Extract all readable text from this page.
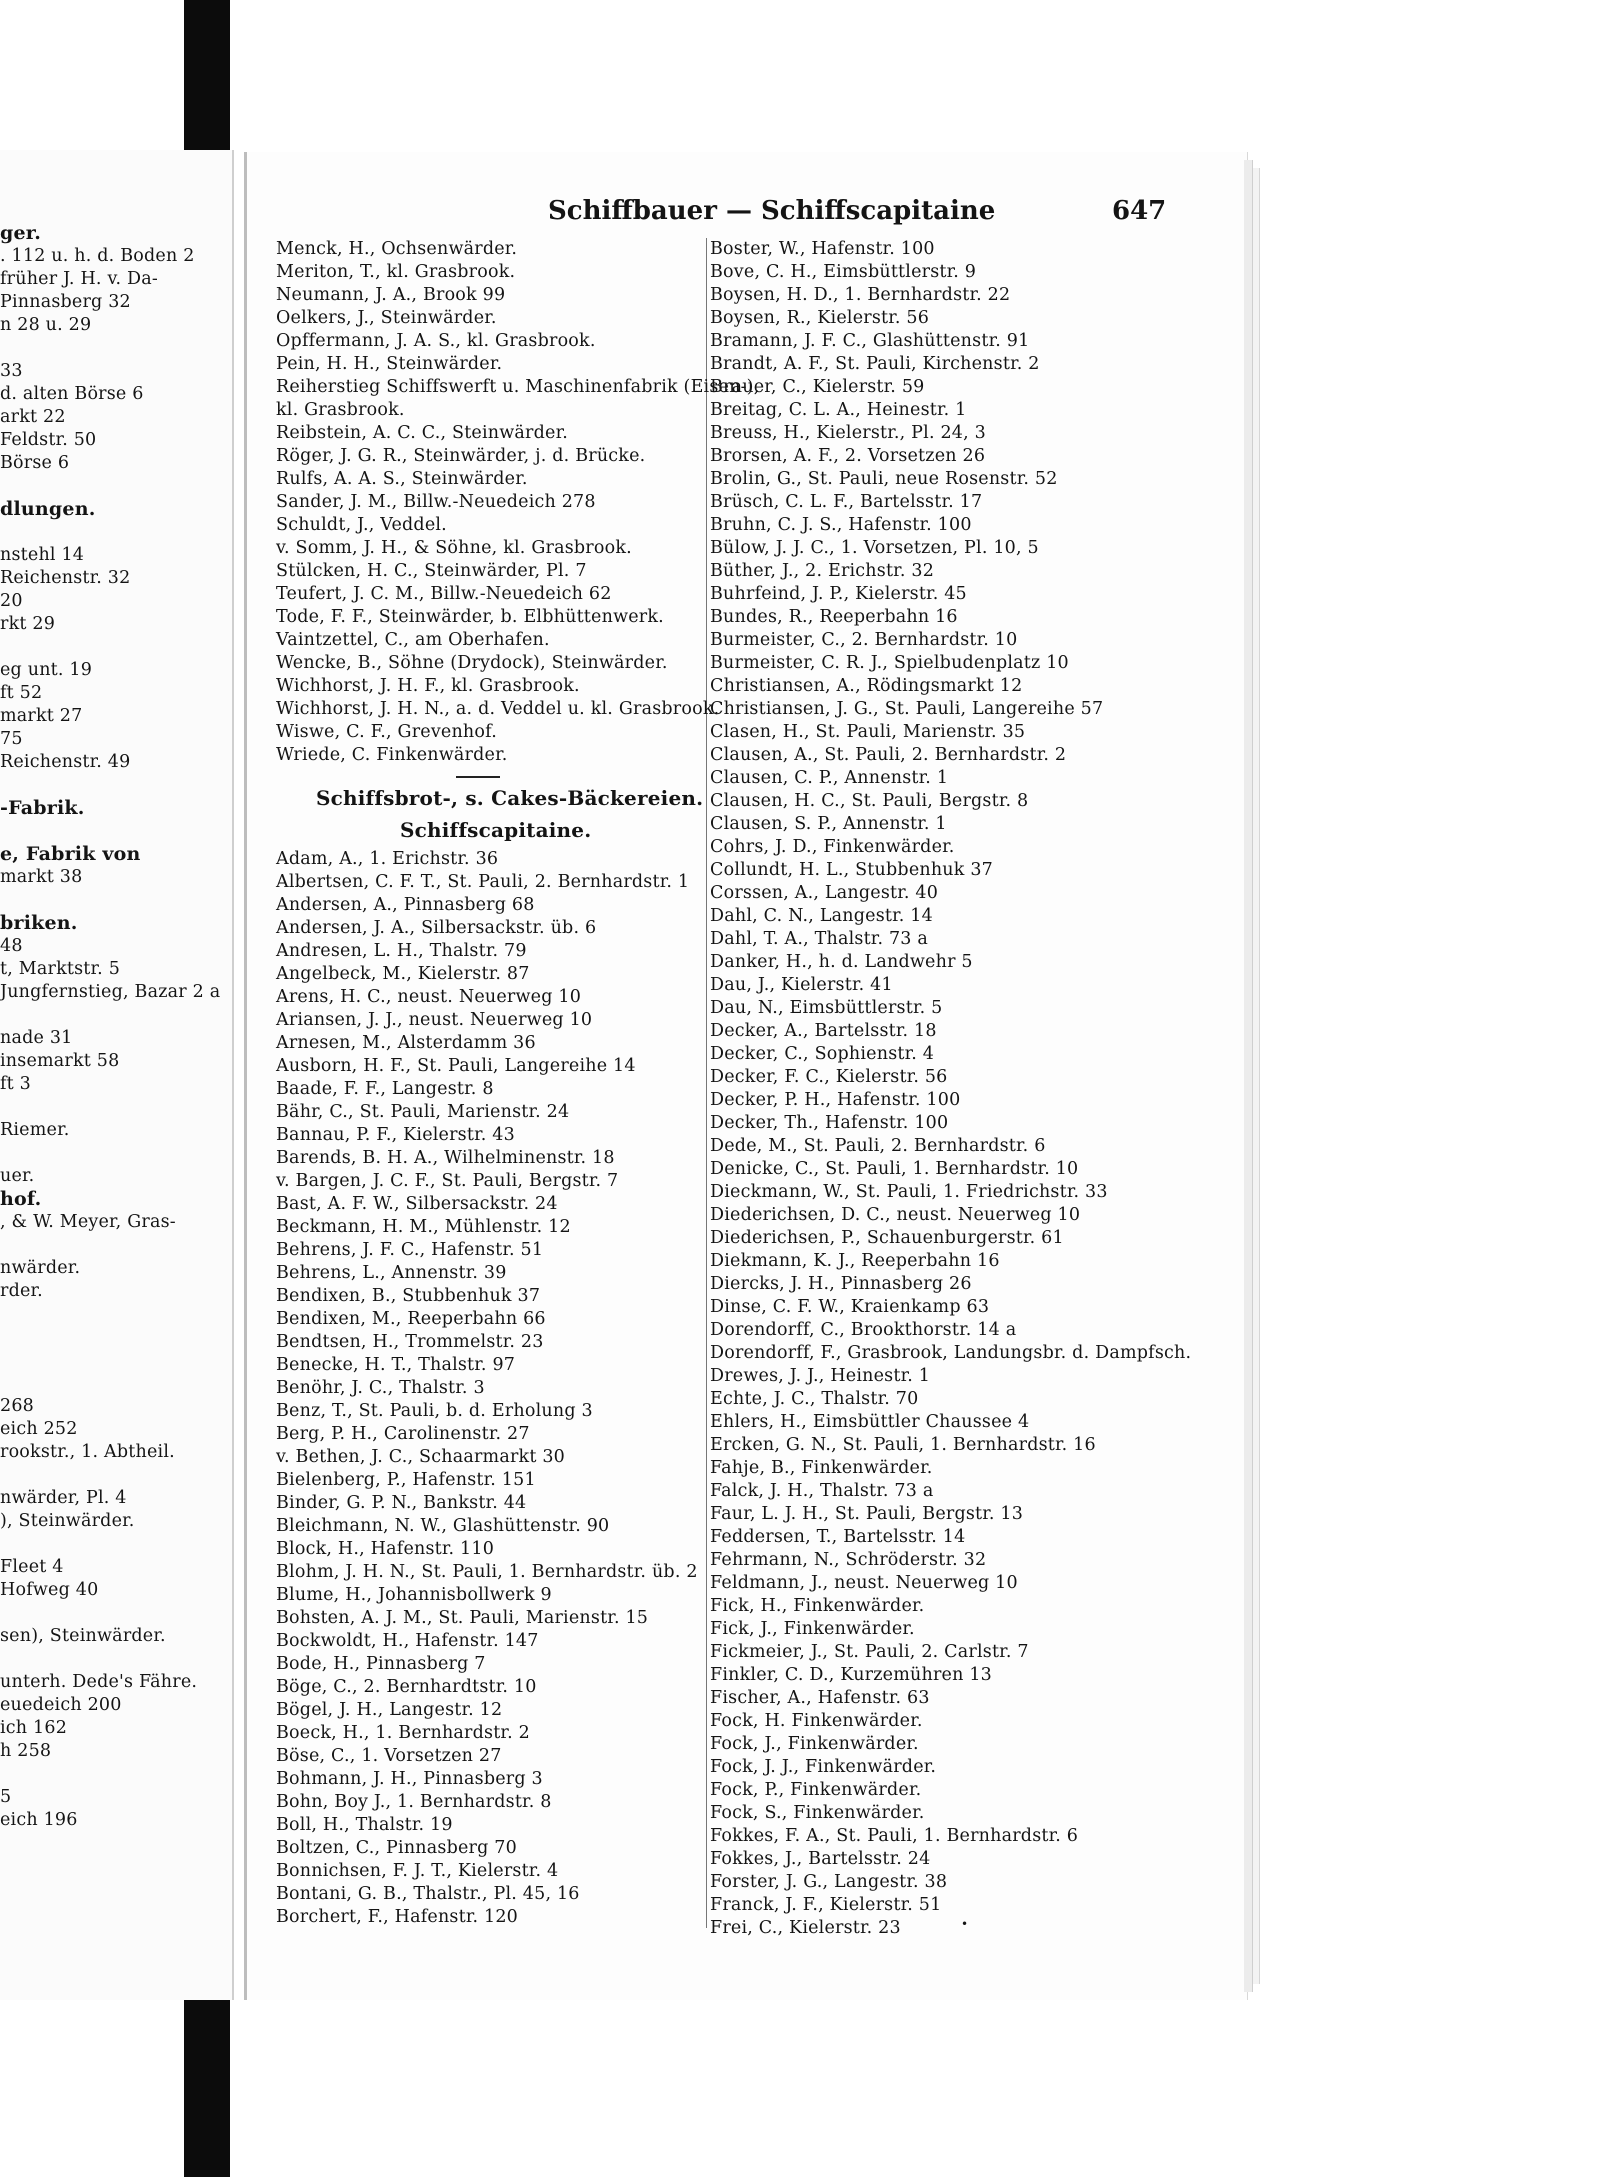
ger.
. 112 u. h. d. Boden 2
früher J. H. v. Da-
Pinnasberg 32
n 28 u. 29
33
d. alten Börse 6
arkt 22
Feldstr. 50
Börse 6
dlungen.
nstehl 14
Reichenstr. 32
20
rkt 29
eg unt. 19
ft 52
markt 27
75
Reichenstr. 49
-Fabrik.
e, Fabrik von
markt 38
briken.
48
t, Marktstr. 5
Jungfernstieg, Bazar 2 a
nade 31
insemarkt 58
ft 3
Riemer.
uer.
hof.
, & W. Meyer, Gras-
nwärder.
rder.
268
eich 252
rookstr., 1. Abtheil.
nwärder, Pl. 4
), Steinwärder.
Fleet 4
Hofweg 40
sen), Steinwärder.
unterh. Dede's Fähre.
euedeich 200
ich 162
h 258
5
eich 196
Schiffbauer — Schiffscapitaine	647
Menck, H., Ochsenwärder.
Meriton, T., kl. Grasbrook.
Neumann, J. A., Brook 99
Oelkers, J., Steinwärder.
Opffermann, J. A. S., kl. Grasbrook.
Pein, H. H., Steinwärder.
Reiherstieg Schiffswerft u. Maschinenfabrik (Eisen-),
kl. Grasbrook.
Reibstein, A. C. C., Steinwärder.
Röger, J. G. R., Steinwärder, j. d. Brücke.
Rulfs, A. A. S., Steinwärder.
Sander, J. M., Billw.-Neuedeich 278
Schuldt, J., Veddel.
v. Somm, J. H., & Söhne, kl. Grasbrook.
Stülcken, H. C., Steinwärder, Pl. 7
Teufert, J. C. M., Billw.-Neuedeich 62
Tode, F. F., Steinwärder, b. Elbhüttenwerk.
Vaintzettel, C., am Oberhafen.
Wencke, B., Söhne (Drydock), Steinwärder.
Wichhorst, J. H. F., kl. Grasbrook.
Wichhorst, J. H. N., a. d. Veddel u. kl. Grasbrook.
Wiswe, C. F., Grevenhof.
Wriede, C. Finkenwärder.
Schiffsbrot-, s. Cakes-Bäckereien.
Schiffscapitaine.
Adam, A., 1. Erichstr. 36
Albertsen, C. F. T., St. Pauli, 2. Bernhardstr. 1
Andersen, A., Pinnasberg 68
Andersen, J. A., Silbersackstr. üb. 6
Andresen, L. H., Thalstr. 79
Angelbeck, M., Kielerstr. 87
Arens, H. C., neust. Neuerweg 10
Ariansen, J. J., neust. Neuerweg 10
Arnesen, M., Alsterdamm 36
Ausborn, H. F., St. Pauli, Langereihe 14
Baade, F. F., Langestr. 8
Bähr, C., St. Pauli, Marienstr. 24
Bannau, P. F., Kielerstr. 43
Barends, B. H. A., Wilhelminenstr. 18
v. Bargen, J. C. F., St. Pauli, Bergstr. 7
Bast, A. F. W., Silbersackstr. 24
Beckmann, H. M., Mühlenstr. 12
Behrens, J. F. C., Hafenstr. 51
Behrens, L., Annenstr. 39
Bendixen, B., Stubbenhuk 37
Bendixen, M., Reeperbahn 66
Bendtsen, H., Trommelstr. 23
Benecke, H. T., Thalstr. 97
Benöhr, J. C., Thalstr. 3
Benz, T., St. Pauli, b. d. Erholung 3
Berg, P. H., Carolinenstr. 27
v. Bethen, J. C., Schaarmarkt 30
Bielenberg, P., Hafenstr. 151
Binder, G. P. N., Bankstr. 44
Bleichmann, N. W., Glashüttenstr. 90
Block, H., Hafenstr. 110
Blohm, J. H. N., St. Pauli, 1. Bernhardstr. üb. 2
Blume, H., Johannisbollwerk 9
Bohsten, A. J. M., St. Pauli, Marienstr. 15
Bockwoldt, H., Hafenstr. 147
Bode, H., Pinnasberg 7
Böge, C., 2. Bernhardtstr. 10
Bögel, J. H., Langestr. 12
Boeck, H., 1. Bernhardstr. 2
Böse, C., 1. Vorsetzen 27
Bohmann, J. H., Pinnasberg 3
Bohn, Boy J., 1. Bernhardstr. 8
Boll, H., Thalstr. 19
Boltzen, C., Pinnasberg 70
Bonnichsen, F. J. T., Kielerstr. 4
Bontani, G. B., Thalstr., Pl. 45, 16
Borchert, F., Hafenstr. 120
Boster, W., Hafenstr. 100
Bove, C. H., Eimsbüttlerstr. 9
Boysen, H. D., 1. Bernhardstr. 22
Boysen, R., Kielerstr. 56
Bramann, J. F. C., Glashüttenstr. 91
Brandt, A. F., St. Pauli, Kirchenstr. 2
Brauer, C., Kielerstr. 59
Breitag, C. L. A., Heinestr. 1
Breuss, H., Kielerstr., Pl. 24, 3
Brorsen, A. F., 2. Vorsetzen 26
Brolin, G., St. Pauli, neue Rosenstr. 52
Brüsch, C. L. F., Bartelsstr. 17
Bruhn, C. J. S., Hafenstr. 100
Bülow, J. J. C., 1. Vorsetzen, Pl. 10, 5
Büther, J., 2. Erichstr. 32
Buhrfeind, J. P., Kielerstr. 45
Bundes, R., Reeperbahn 16
Burmeister, C., 2. Bernhardstr. 10
Burmeister, C. R. J., Spielbudenplatz 10
Christiansen, A., Rödingsmarkt 12
Christiansen, J. G., St. Pauli, Langereihe 57
Clasen, H., St. Pauli, Marienstr. 35
Clausen, A., St. Pauli, 2. Bernhardstr. 2
Clausen, C. P., Annenstr. 1
Clausen, H. C., St. Pauli, Bergstr. 8
Clausen, S. P., Annenstr. 1
Cohrs, J. D., Finkenwärder.
Collundt, H. L., Stubbenhuk 37
Corssen, A., Langestr. 40
Dahl, C. N., Langestr. 14
Dahl, T. A., Thalstr. 73 a
Danker, H., h. d. Landwehr 5
Dau, J., Kielerstr. 41
Dau, N., Eimsbüttlerstr. 5
Decker, A., Bartelsstr. 18
Decker, C., Sophienstr. 4
Decker, F. C., Kielerstr. 56
Decker, P. H., Hafenstr. 100
Decker, Th., Hafenstr. 100
Dede, M., St. Pauli, 2. Bernhardstr. 6
Denicke, C., St. Pauli, 1. Bernhardstr. 10
Dieckmann, W., St. Pauli, 1. Friedrichstr. 33
Diederichsen, D. C., neust. Neuerweg 10
Diederichsen, P., Schauenburgerstr. 61
Diekmann, K. J., Reeperbahn 16
Diercks, J. H., Pinnasberg 26
Dinse, C. F. W., Kraienkamp 63
Dorendorff, C., Brookthorstr. 14 a
Dorendorff, F., Grasbrook, Landungsbr. d. Dampfsch.
Drewes, J. J., Heinestr. 1
Echte, J. C., Thalstr. 70
Ehlers, H., Eimsbüttler Chaussee 4
Ercken, G. N., St. Pauli, 1. Bernhardstr. 16
Fahje, B., Finkenwärder.
Falck, J. H., Thalstr. 73 a
Faur, L. J. H., St. Pauli, Bergstr. 13
Feddersen, T., Bartelsstr. 14
Fehrmann, N., Schröderstr. 32
Feldmann, J., neust. Neuerweg 10
Fick, H., Finkenwärder.
Fick, J., Finkenwärder.
Fickmeier, J., St. Pauli, 2. Carlstr. 7
Finkler, C. D., Kurzemühren 13
Fischer, A., Hafenstr. 63
Fock, H. Finkenwärder.
Fock, J., Finkenwärder.
Fock, J. J., Finkenwärder.
Fock, P., Finkenwärder.
Fock, S., Finkenwärder.
Fokkes, F. A., St. Pauli, 1. Bernhardstr. 6
Fokkes, J., Bartelsstr. 24
Forster, J. G., Langestr. 38
Franck, J. F., Kielerstr. 51
Frei, C., Kielerstr. 23	•
